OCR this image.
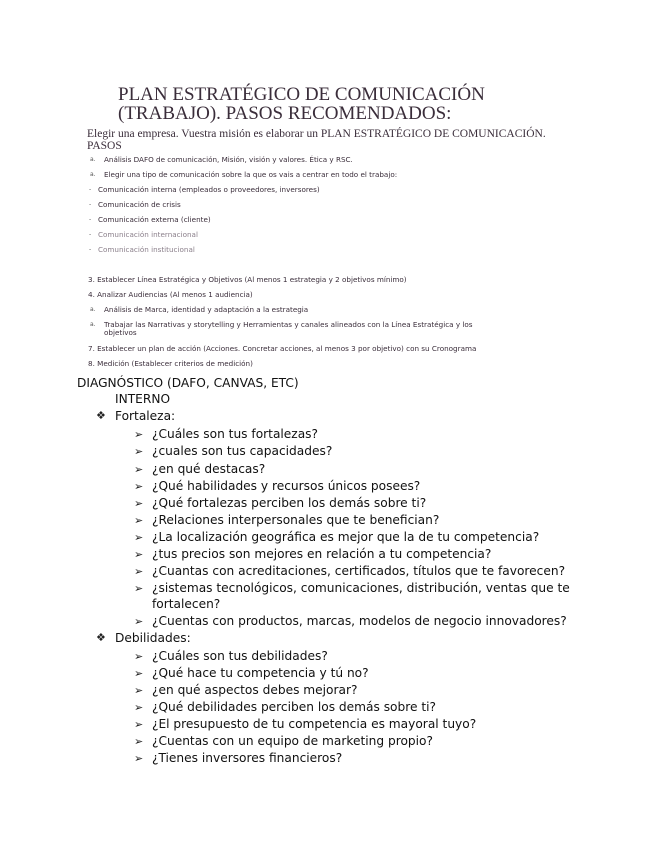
PLAN ESTRATÉGICO DE COMUNICACIÓN
(TRABAJO). PASOS RECOMENDADOS:
Elegir una empresa. Vuestra misión es elaborar un PLAN ESTRATÉGICO DE COMUNICACIÓN.
PASOS
a. Análisis DAFO de comunicación, Misión, visión y valores. Ética y RSC.
a. Elegir una tipo de comunicación sobre la que os vais a centrar en todo el trabajo:
- Comunicación interna (empleados o proveedores, inversores)
- Comunicación de crisis
- Comunicación externa (cliente)
- Comunicación internacional
- Comunicación institucional
3. Establecer Línea Estratégica y Objetivos (Al menos 1 estrategia y 2 objetivos mínimo)
4. Analizar Audiencias (Al menos 1 audiencia)
a. Análisis de Marca, identidad y adaptación a la estrategia
a. Trabajar las Narrativas y storytelling y Herramientas y canales alineados con la Línea Estratégica y los
objetivos
7. Establecer un plan de acción (Acciones. Concretar acciones, al menos 3 por objetivo) con su Cronograma
8. Medición (Establecer criterios de medición)
DIAGNÓSTICO (DAFO, CANVAS, ETC)
INTERNO
❖ Fortaleza:
➢ ¿Cuáles son tus fortalezas?
➢ ¿cuales son tus capacidades?
➢ ¿en qué destacas?
➢ ¿Qué habilidades y recursos únicos posees?
➢ ¿Qué fortalezas perciben los demás sobre ti?
➢ ¿Relaciones interpersonales que te benefician?
➢ ¿La localización geográfica es mejor que la de tu competencia?
➢ ¿tus precios son mejores en relación a tu competencia?
➢ ¿Cuantas con acreditaciones, certificados, títulos que te favorecen?
➢ ¿sistemas tecnológicos, comunicaciones, distribución, ventas que te
fortalecen?
➢ ¿Cuentas con productos, marcas, modelos de negocio innovadores?
❖ Debilidades:
➢ ¿Cuáles son tus debilidades?
➢ ¿Qué hace tu competencia y tú no?
➢ ¿en qué aspectos debes mejorar?
➢ ¿Qué debilidades perciben los demás sobre ti?
➢ ¿El presupuesto de tu competencia es mayoral tuyo?
➢ ¿Cuentas con un equipo de marketing propio?
➢ ¿Tienes inversores financieros?
